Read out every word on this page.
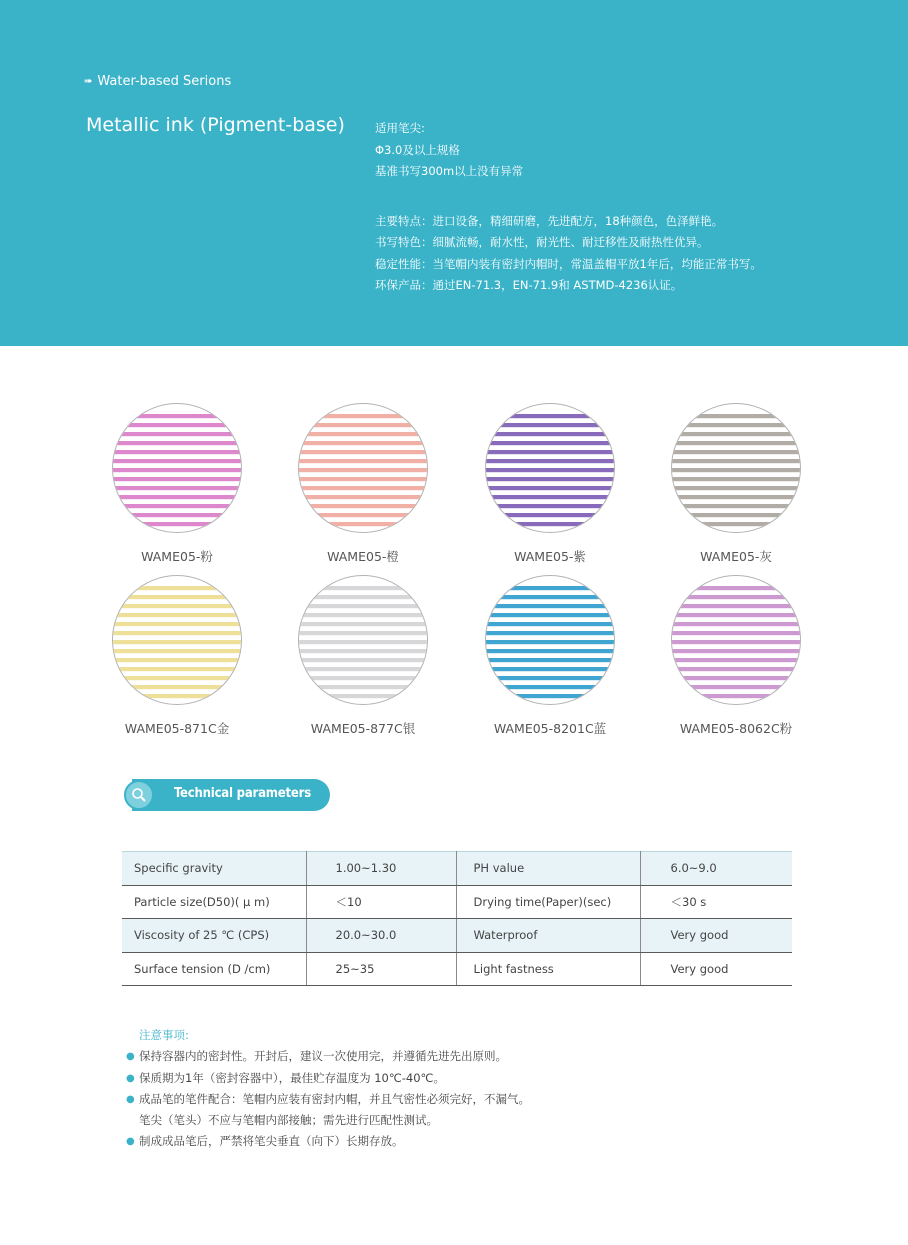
➠ Water-based Serions
Metallic ink (Pigment-base)	适用笔尖:
Φ3.0及以上规格
基准书写300m以上没有异常
主要特点：进口设备，精细研磨，先进配方，18种颜色，色泽鲜艳。
书写特色：细腻流畅，耐水性，耐光性、耐迁移性及耐热性优异。
稳定性能：当笔帽内装有密封内帽时，常温盖帽平放1年后，均能正常书写。
环保产品：通过EN-71.3，EN-71.9和 ASTMD-4236认证。
WAME05-粉	WAME05-橙	WAME05-紫	WAME05-灰
WAME05-871C金	WAME05-877C银	WAME05-8201C蓝	WAME05-8062C粉
Technical parameters
Specific gravity	1.00~1.30	PH value	6.0~9.0
Particle size(D50)( μ m)	＜10	Drying time(Paper)(sec)	＜30 s
Viscosity of 25 ℃ (CPS)	20.0~30.0	Waterproof	Very good
Surface tension (D /cm)	25~35	Light fastness	Very good
注意事项:
● 保持容器内的密封性。开封后，建议一次使用完，并遵循先进先出原则。
● 保质期为1年（密封容器中），最佳贮存温度为 10℃-40℃。
● 成品笔的笔件配合：笔帽内应装有密封内帽，并且气密性必须完好，不漏气。
笔尖（笔头）不应与笔帽内部接触；需先进行匹配性测试。
● 制成成品笔后，严禁将笔尖垂直（向下）长期存放。
